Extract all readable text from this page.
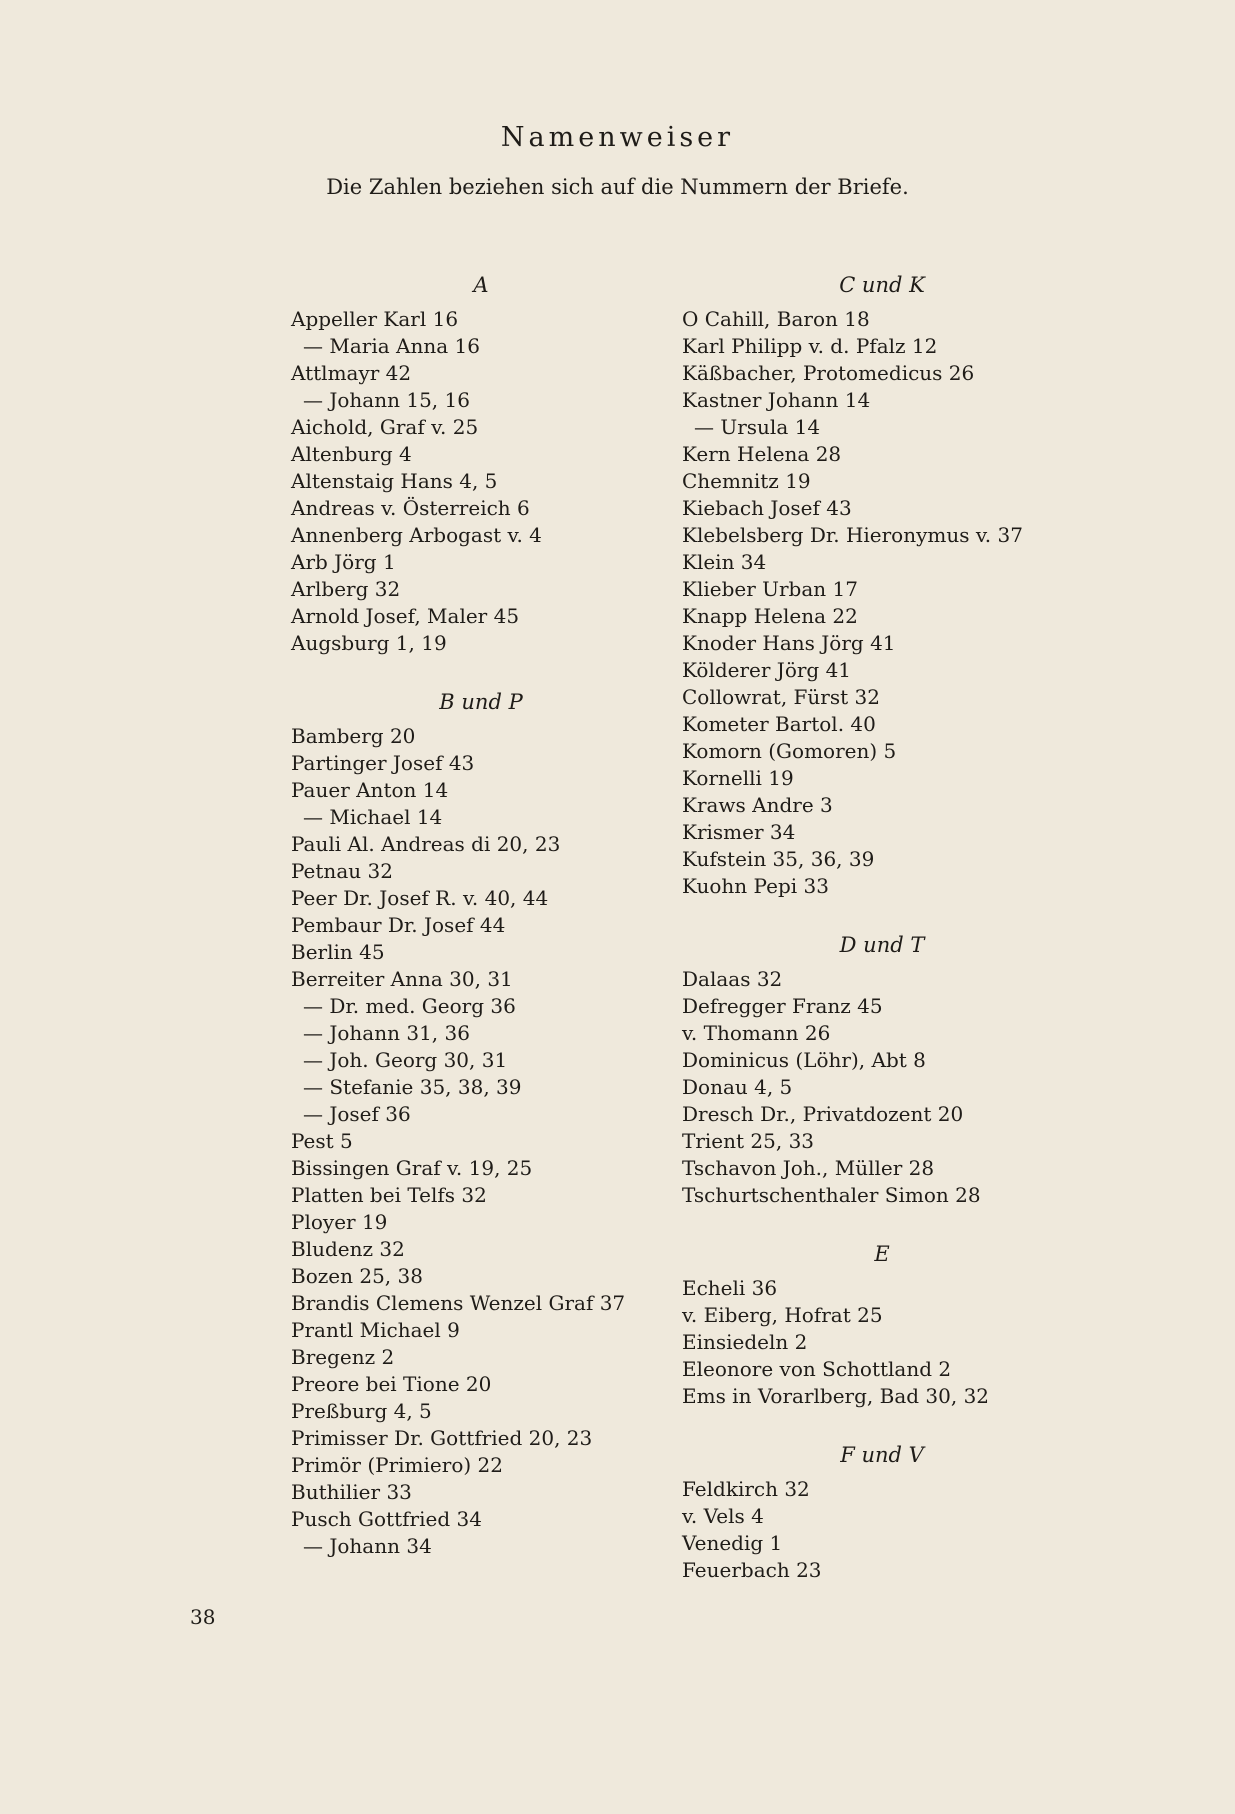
Namenweiser
Die Zahlen beziehen sich auf die Nummern der Briefe.
A
Appeller Karl 16
— Maria Anna 16
Attlmayr 42
— Johann 15, 16
Aichold, Graf v. 25
Altenburg 4
Altenstaig Hans 4, 5
Andreas v. Österreich 6
Annenberg Arbogast v. 4
Arb Jörg 1
Arlberg 32
Arnold Josef, Maler 45
Augsburg 1, 19
B und P
Bamberg 20
Partinger Josef 43
Pauer Anton 14
— Michael 14
Pauli Al. Andreas di 20, 23
Petnau 32
Peer Dr. Josef R. v. 40, 44
Pembaur Dr. Josef 44
Berlin 45
Berreiter Anna 30, 31
— Dr. med. Georg 36
— Johann 31, 36
— Joh. Georg 30, 31
— Stefanie 35, 38, 39
— Josef 36
Pest 5
Bissingen Graf v. 19, 25
Platten bei Telfs 32
Ployer 19
Bludenz 32
Bozen 25, 38
Brandis Clemens Wenzel Graf 37
Prantl Michael 9
Bregenz 2
Preore bei Tione 20
Preßburg 4, 5
Primisser Dr. Gottfried 20, 23
Primör (Primiero) 22
Buthilier 33
Pusch Gottfried 34
— Johann 34
C und K
O Cahill, Baron 18
Karl Philipp v. d. Pfalz 12
Käßbacher, Protomedicus 26
Kastner Johann 14
— Ursula 14
Kern Helena 28
Chemnitz 19
Kiebach Josef 43
Klebelsberg Dr. Hieronymus v. 37
Klein 34
Klieber Urban 17
Knapp Helena 22
Knoder Hans Jörg 41
Kölderer Jörg 41
Collowrat, Fürst 32
Kometer Bartol. 40
Komorn (Gomoren) 5
Kornelli 19
Kraws Andre 3
Krismer 34
Kufstein 35, 36, 39
Kuohn Pepi 33
D und T
Dalaas 32
Defregger Franz 45
v. Thomann 26
Dominicus (Löhr), Abt 8
Donau 4, 5
Dresch Dr., Privatdozent 20
Trient 25, 33
Tschavon Joh., Müller 28
Tschurtschenthaler Simon 28
E
Echeli 36
v. Eiberg, Hofrat 25
Einsiedeln 2
Eleonore von Schottland 2
Ems in Vorarlberg, Bad 30, 32
F und V
Feldkirch 32
v. Vels 4
Venedig 1
Feuerbach 23
38
